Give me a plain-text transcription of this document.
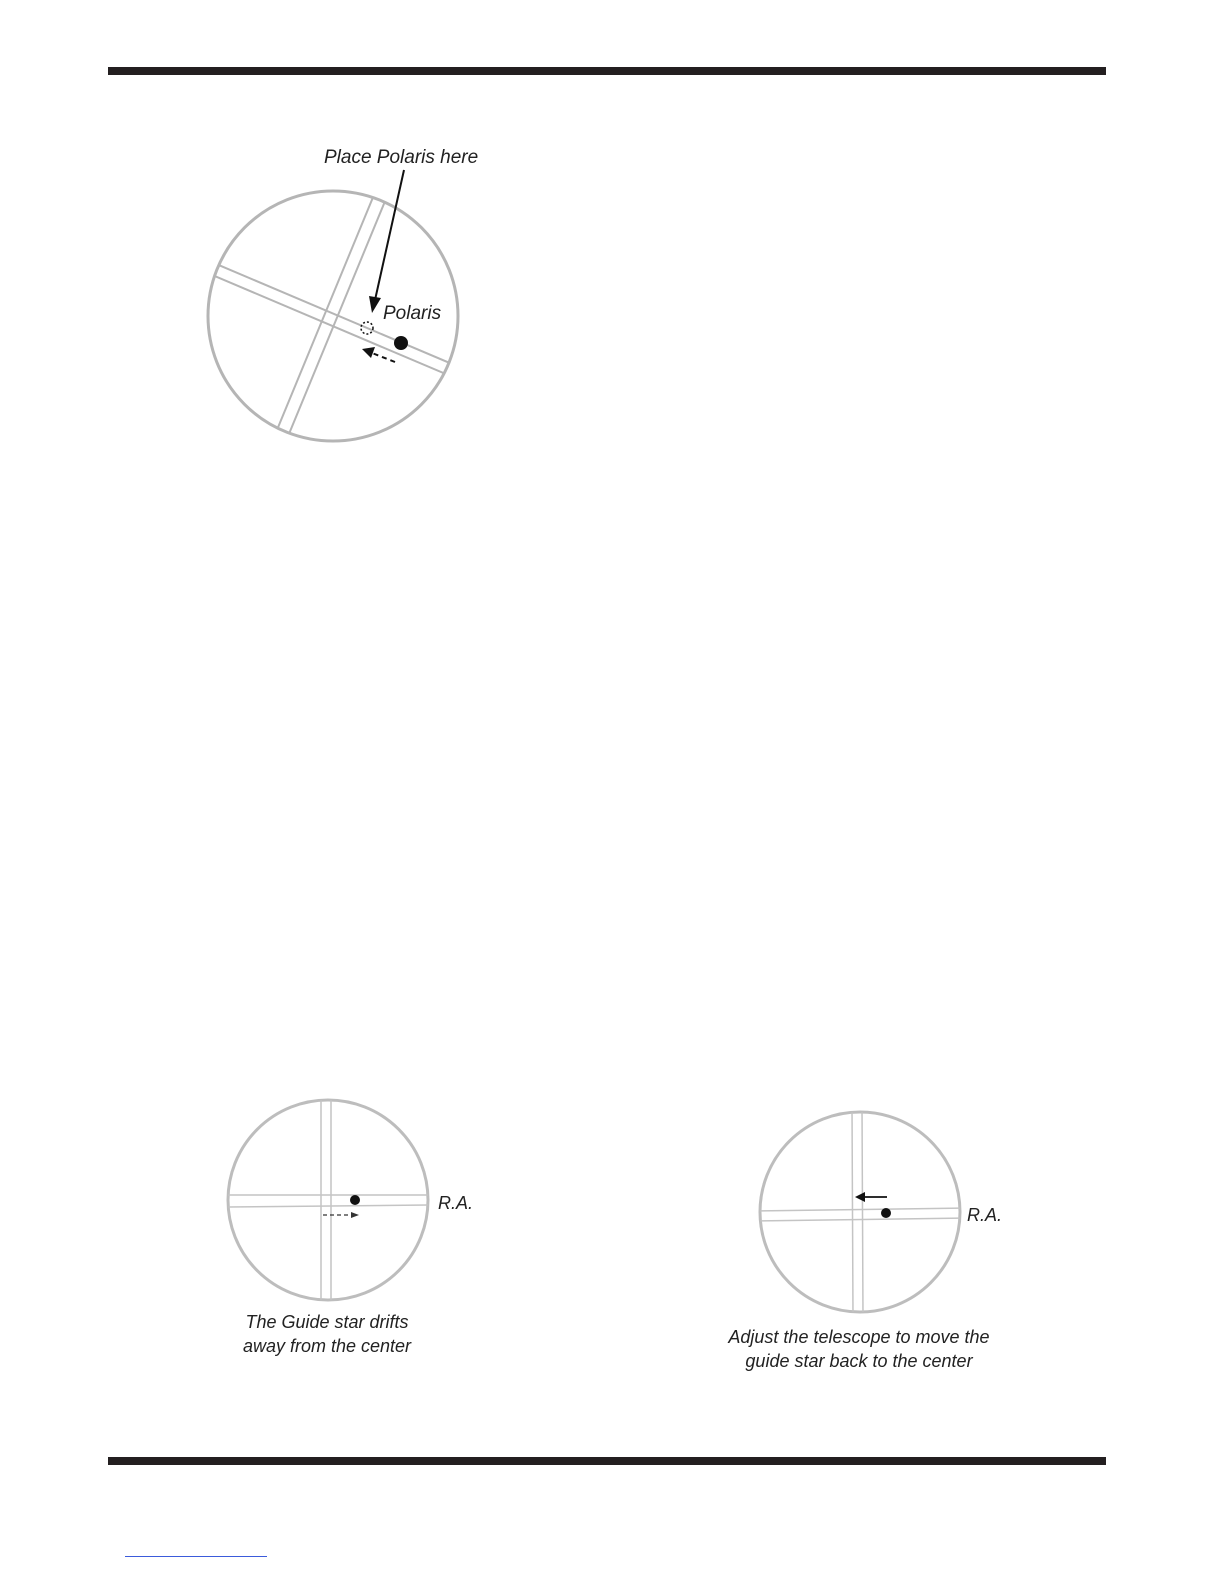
Place Polaris here
Polaris
R.A.
The Guide star drifts
away from the center
R.A.
Adjust the telescope to move the
guide star back to the center
